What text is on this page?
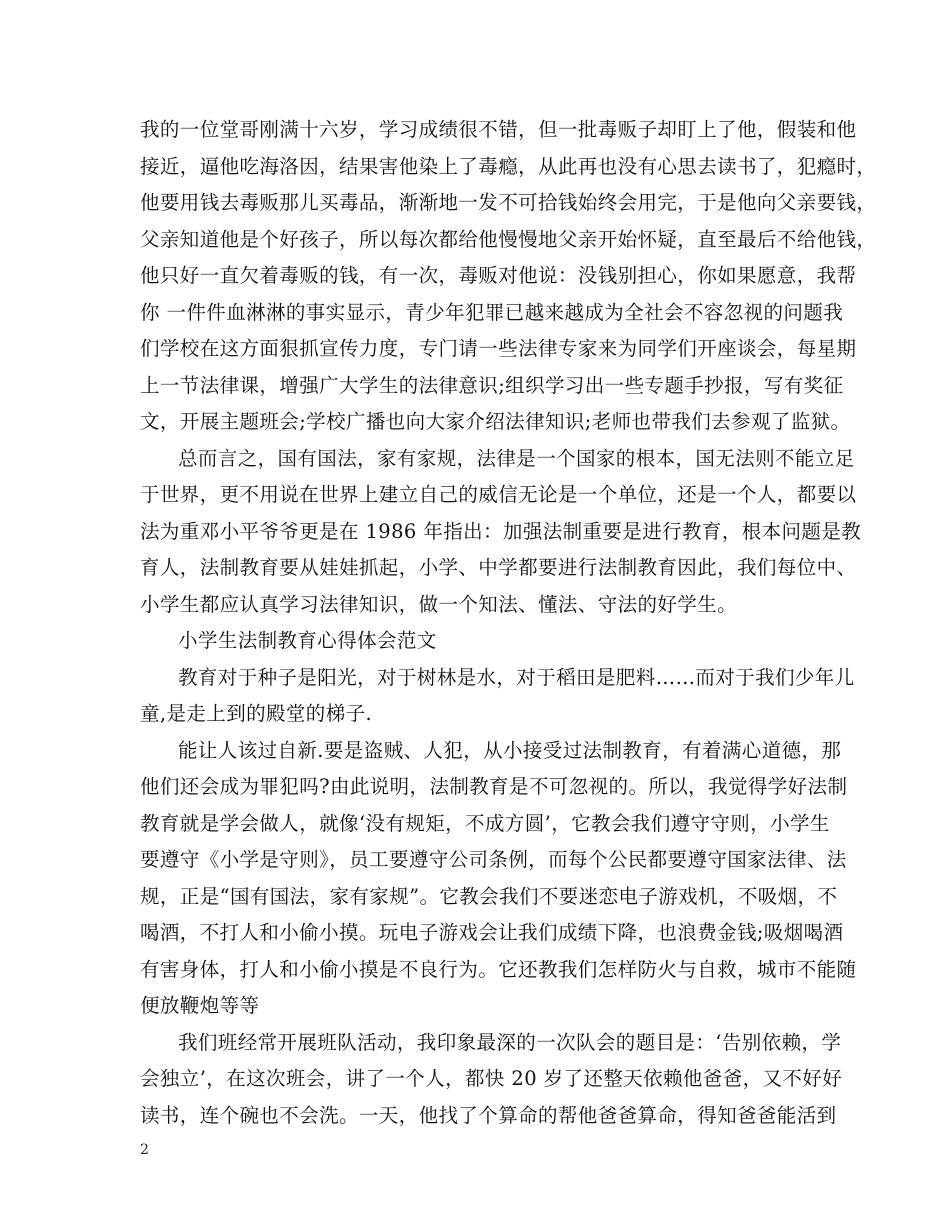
我的一位堂哥刚满十六岁，学习成绩很不错，但一批毒贩子却盯上了他，假装和他
接近，逼他吃海洛因，结果害他染上了毒瘾，从此再也没有心思去读书了，犯瘾时，
他要用钱去毒贩那儿买毒品，渐渐地一发不可拾钱始终会用完，于是他向父亲要钱，
父亲知道他是个好孩子，所以每次都给他慢慢地父亲开始怀疑，直至最后不给他钱，
他只好一直欠着毒贩的钱，有一次，毒贩对他说：没钱别担心，你如果愿意，我帮
你 一件件血淋淋的事实显示，青少年犯罪已越来越成为全社会不容忽视的问题我
们学校在这方面狠抓宣传力度，专门请一些法律专家来为同学们开座谈会，每星期
上一节法律课，增强广大学生的法律意识;组织学习出一些专题手抄报，写有奖征
文，开展主题班会;学校广播也向大家介绍法律知识;老师也带我们去参观了监狱。
总而言之，国有国法，家有家规，法律是一个国家的根本，国无法则不能立足
于世界，更不用说在世界上建立自己的威信无论是一个单位，还是一个人，都要以
法为重邓小平爷爷更是在 1986 年指出：加强法制重要是进行教育，根本问题是教
育人，法制教育要从娃娃抓起，小学、中学都要进行法制教育因此，我们每位中、
小学生都应认真学习法律知识，做一个知法、懂法、守法的好学生。
小学生法制教育心得体会范文
教育对于种子是阳光，对于树林是水，对于稻田是肥料……而对于我们少年儿
童,是走上到的殿堂的梯子.
能让人该过自新.要是盗贼、人犯，从小接受过法制教育，有着满心道德，那
他们还会成为罪犯吗?由此说明，法制教育是不可忽视的。所以，我觉得学好法制
教育就是学会做人，就像‘没有规矩，不成方圆’，它教会我们遵守守则，小学生
要遵守《小学是守则》，员工要遵守公司条例，而每个公民都要遵守国家法律、法
规，正是“国有国法，家有家规”。它教会我们不要迷恋电子游戏机，不吸烟，不
喝酒，不打人和小偷小摸。玩电子游戏会让我们成绩下降，也浪费金钱;吸烟喝酒
有害身体，打人和小偷小摸是不良行为。它还教我们怎样防火与自救，城市不能随
便放鞭炮等等
我们班经常开展班队活动，我印象最深的一次队会的题目是：‘告别依赖，学
会独立’，在这次班会，讲了一个人，都快 20 岁了还整天依赖他爸爸，又不好好
读书，连个碗也不会洗。一天，他找了个算命的帮他爸爸算命，得知爸爸能活到
2
